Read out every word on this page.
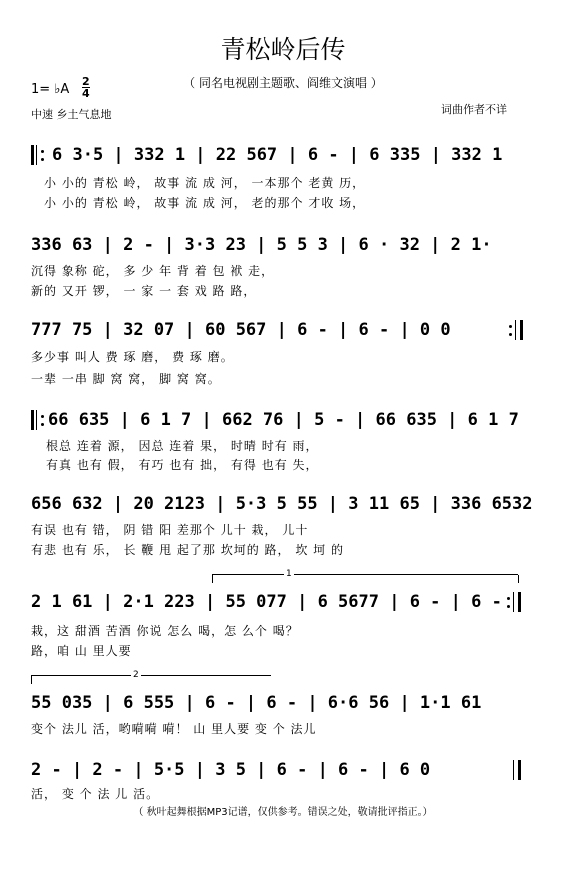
青松岭后传
（ 同名电视剧主题歌、阎维文演唱 ）
1= ♭A
2
4
中速 乡土气息地	词曲作者不详
6 3·5 | 332 1 | 22 567 | 6 - | 6 335 | 332 1
小 小的 青松 岭， 故事 流 成 河， 一本那个 老黄 历，
小 小的 青松 岭， 故事 流 成 河， 老的那个 才收 场，
336 63 | 2 - | 3·3 23 | 5 5 3 | 6 · 32 | 2 1·
沉得 象称 砣， 多 少 年 背 着 包 袱 走，
新的 又开 锣， 一 家 一 套 戏 路 路，
777 75 | 32 07 | 60 567 | 6 - | 6 - | 0 0
多少事 叫人 费 琢 磨， 费 琢 磨。
一辈 一串 脚 窝 窝， 脚 窝 窝。
66 635 | 6 1 7 | 662 76 | 5 - | 66 635 | 6 1 7
根总 连着 源， 因总 连着 果， 时晴 时有 雨，
有真 也有 假， 有巧 也有 拙， 有得 也有 失，
656 632 | 20 2123 | 5·3 5 55 | 3 11 65 | 336 6532
有误 也有 错， 阴 错 阳 差那个 儿十 栽， 儿十
有悲 也有 乐， 长 鞭 甩 起了那 坎坷的 路， 坎 坷 的
1
2 1 61 | 2·1 223 | 55 077 | 6 5677 | 6 - | 6 -
栽，这 甜酒 苦酒 你说 怎么 喝，怎 么个 喝？
路，咱 山 里人要
2
55 035 | 6 555 | 6 - | 6 - | 6·6 56 | 1·1 61
变个 法儿 活，哟嗬嗬 嗬！ 山 里人要 变 个 法儿
2 - | 2 - | 5·5 | 3 5 | 6 - | 6 - | 6 0
活， 变 个 法 儿 活。
（ 秋叶起舞根据MP3记谱，仅供参考。错误之处，敬请批评指正。）
